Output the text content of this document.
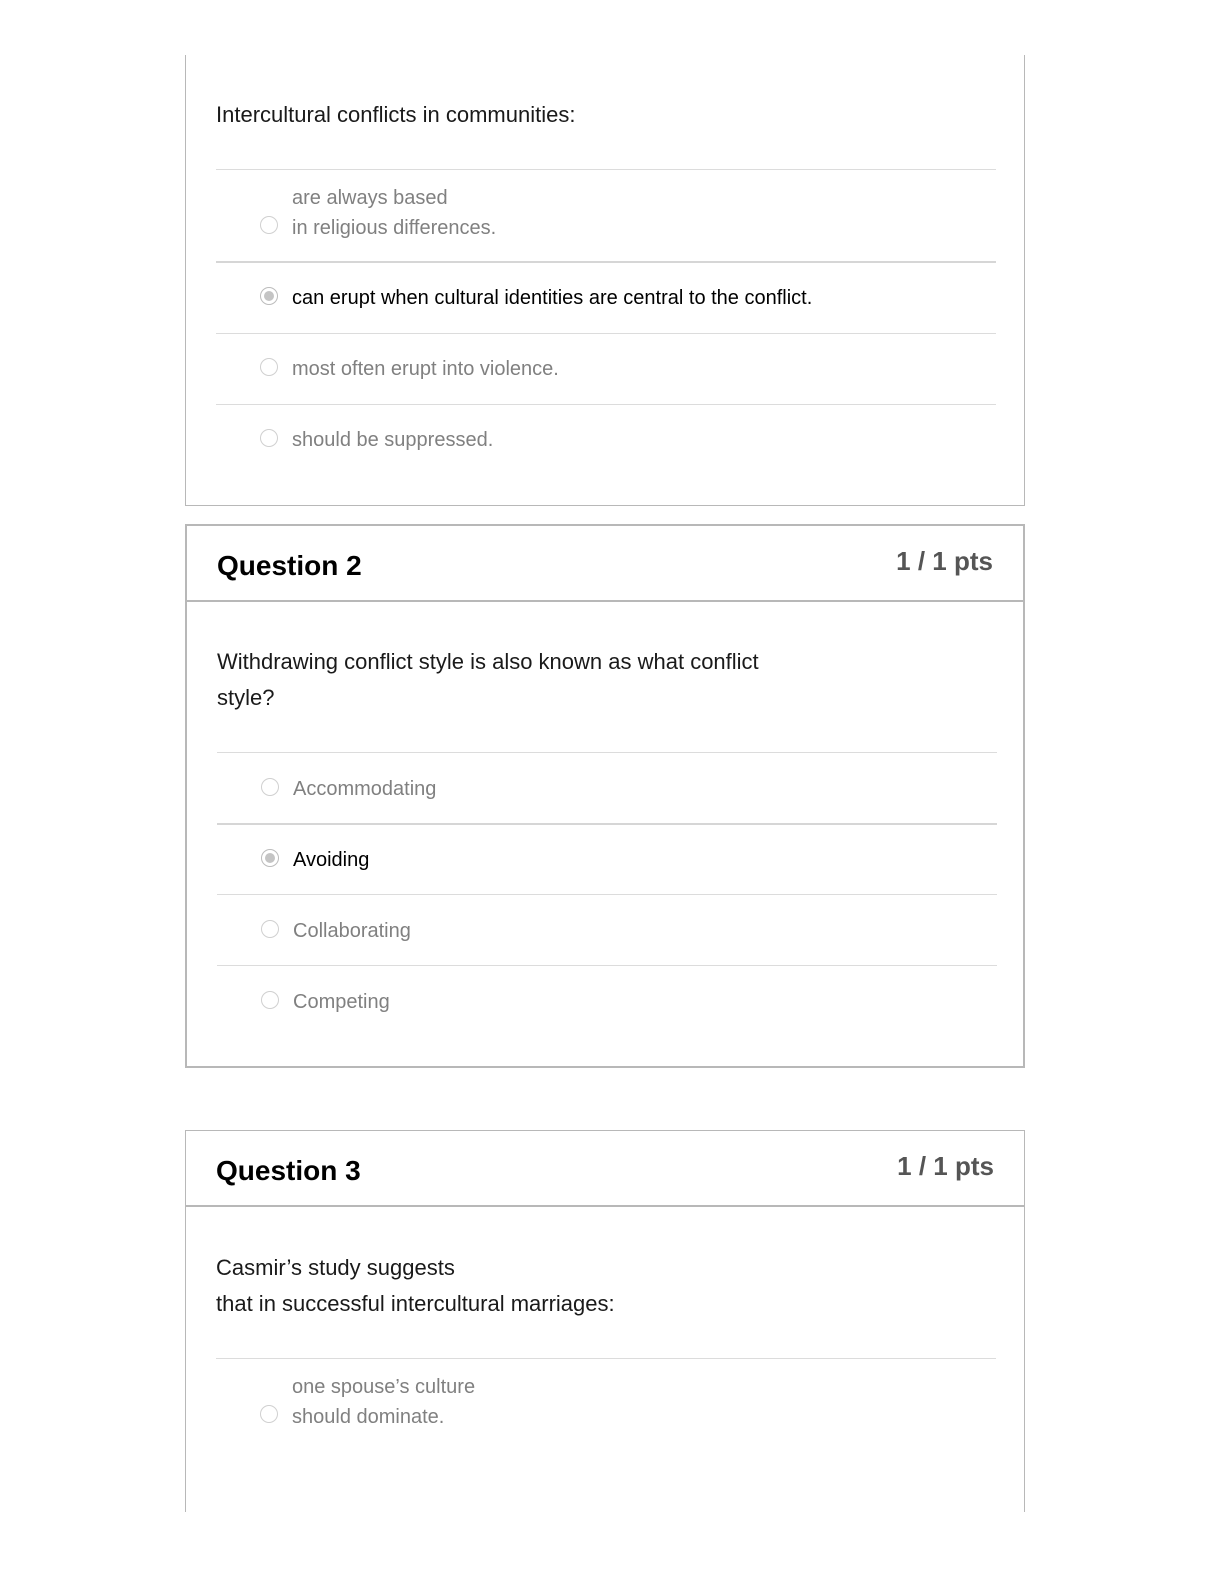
Intercultural conflicts in communities:
are always based
in religious differences.
can erupt when cultural identities are central to the conflict.
most often erupt into violence.
should be suppressed.
Question 2	1 / 1 pts
Withdrawing conflict style is also known as what conflict
style?
Accommodating
Avoiding
Collaborating
Competing
Question 3	1 / 1 pts
Casmir’s study suggests
that in successful intercultural marriages:
one spouse’s culture
should dominate.
